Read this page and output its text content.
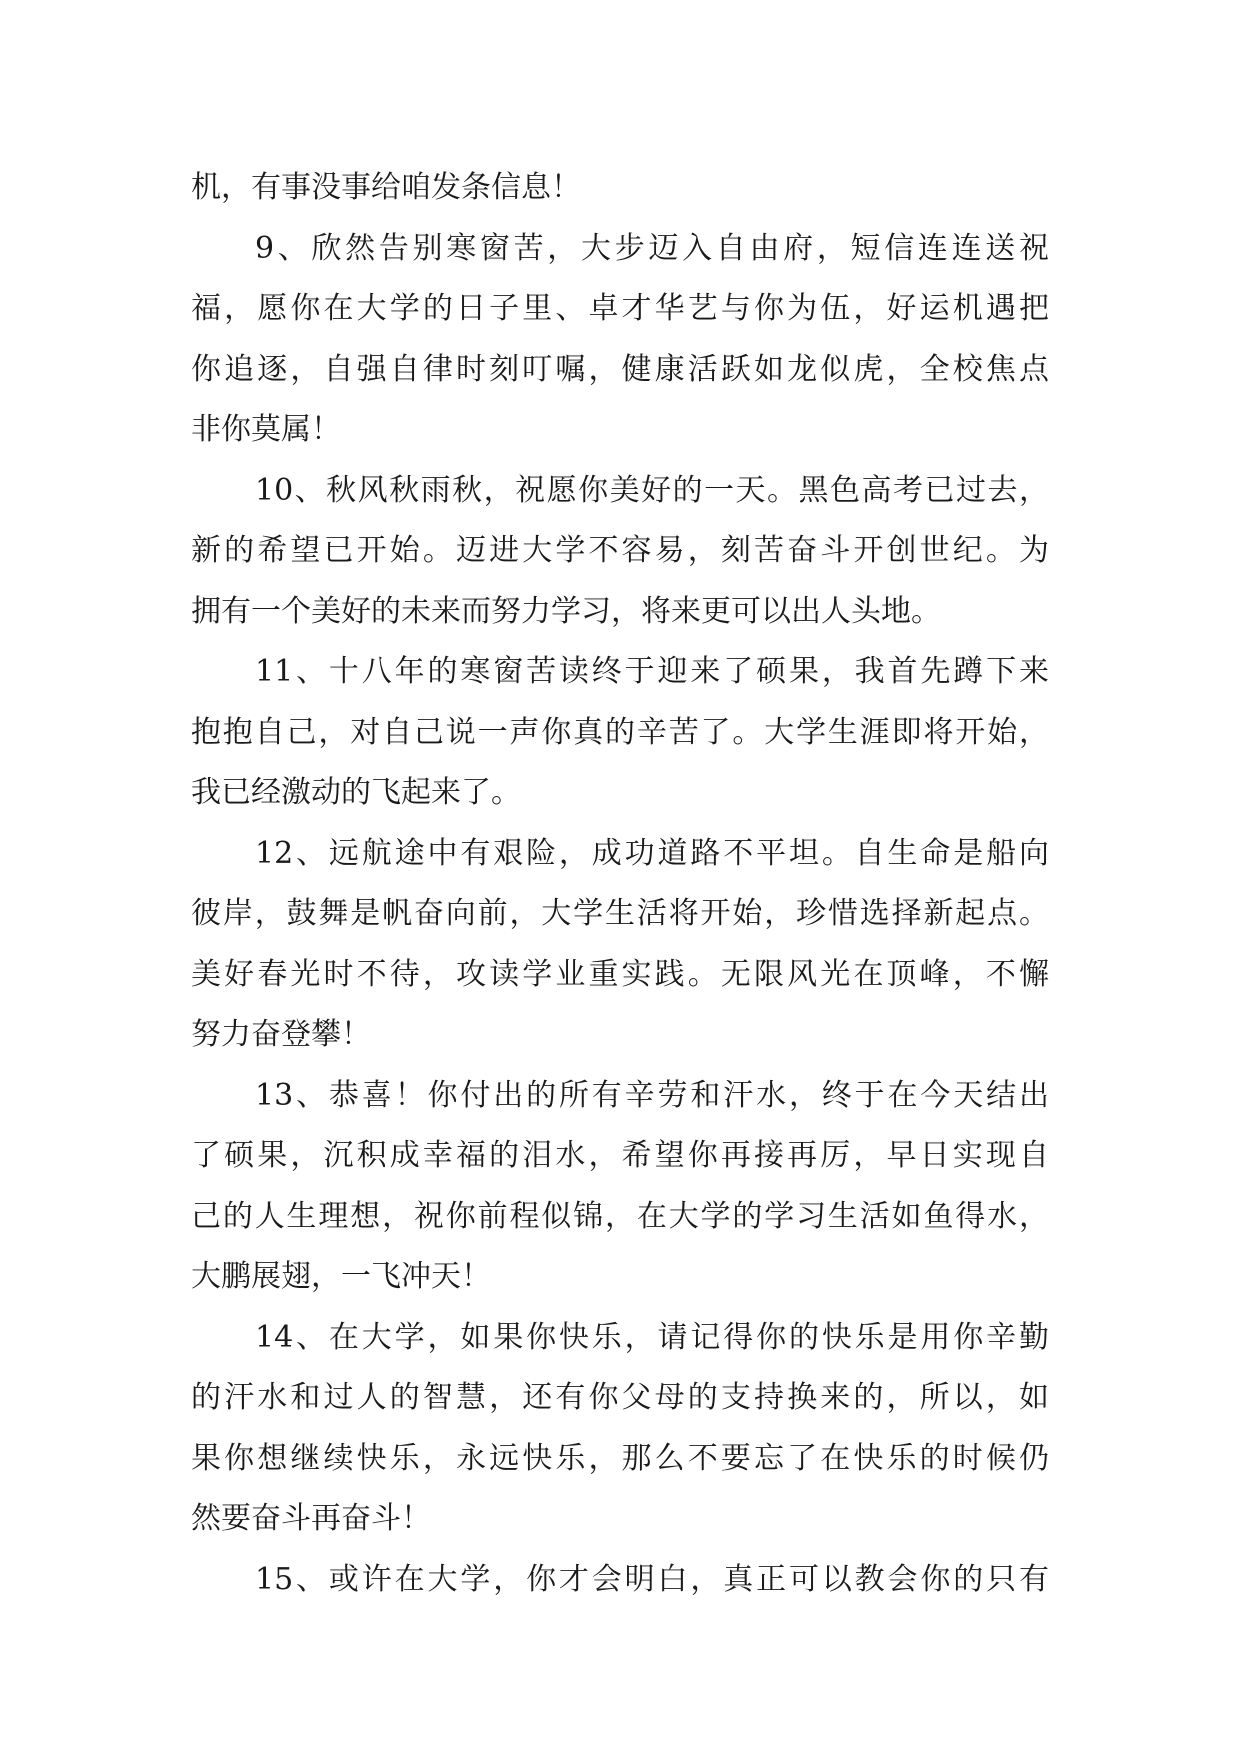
机，有事没事给咱发条信息！
9、欣然告别寒窗苦，大步迈入自由府，短信连连送祝
福，愿你在大学的日子里、卓才华艺与你为伍，好运机遇把
你追逐，自强自律时刻叮嘱，健康活跃如龙似虎，全校焦点
非你莫属！
10、秋风秋雨秋，祝愿你美好的一天。黑色高考已过去，
新的希望已开始。迈进大学不容易，刻苦奋斗开创世纪。为
拥有一个美好的未来而努力学习，将来更可以出人头地。
11、十八年的寒窗苦读终于迎来了硕果，我首先蹲下来
抱抱自己，对自己说一声你真的辛苦了。大学生涯即将开始，
我已经激动的飞起来了。
12、远航途中有艰险，成功道路不平坦。自生命是船向
彼岸，鼓舞是帆奋向前，大学生活将开始，珍惜选择新起点。
美好春光时不待，攻读学业重实践。无限风光在顶峰，不懈
努力奋登攀！
13、恭喜！你付出的所有辛劳和汗水，终于在今天结出
了硕果，沉积成幸福的泪水，希望你再接再厉，早日实现自
己的人生理想，祝你前程似锦，在大学的学习生活如鱼得水，
大鹏展翅，一飞冲天！
14、在大学，如果你快乐，请记得你的快乐是用你辛勤
的汗水和过人的智慧，还有你父母的支持换来的，所以，如
果你想继续快乐，永远快乐，那么不要忘了在快乐的时候仍
然要奋斗再奋斗！
15、或许在大学，你才会明白，真正可以教会你的只有
